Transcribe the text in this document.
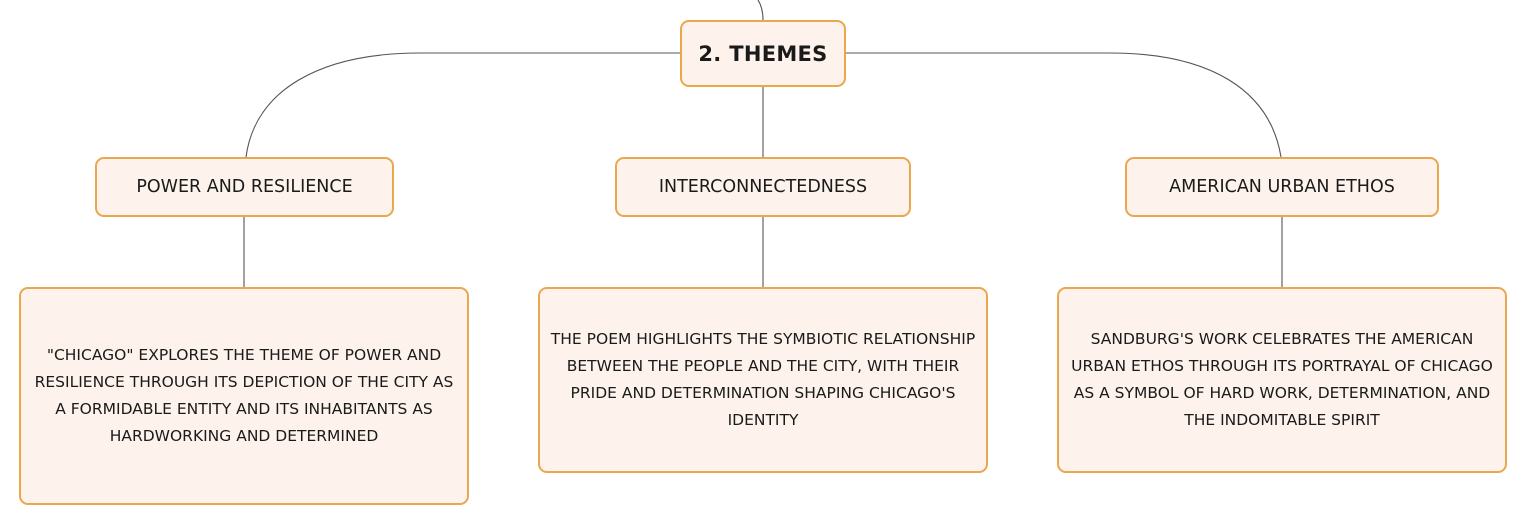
2. THEMES
POWER AND RESILIENCE	INTERCONNECTEDNESS	AMERICAN URBAN ETHOS
"CHICAGO" EXPLORES THE THEME OF POWER AND RESILIENCE THROUGH ITS DEPICTION OF THE CITY AS A FORMIDABLE ENTITY AND ITS INHABITANTS AS HARDWORKING AND DETERMINED
THE POEM HIGHLIGHTS THE SYMBIOTIC RELATIONSHIP BETWEEN THE PEOPLE AND THE CITY, WITH THEIR PRIDE AND DETERMINATION SHAPING CHICAGO'S IDENTITY
SANDBURG'S WORK CELEBRATES THE AMERICAN URBAN ETHOS THROUGH ITS PORTRAYAL OF CHICAGO AS A SYMBOL OF HARD WORK, DETERMINATION, AND THE INDOMITABLE SPIRIT
